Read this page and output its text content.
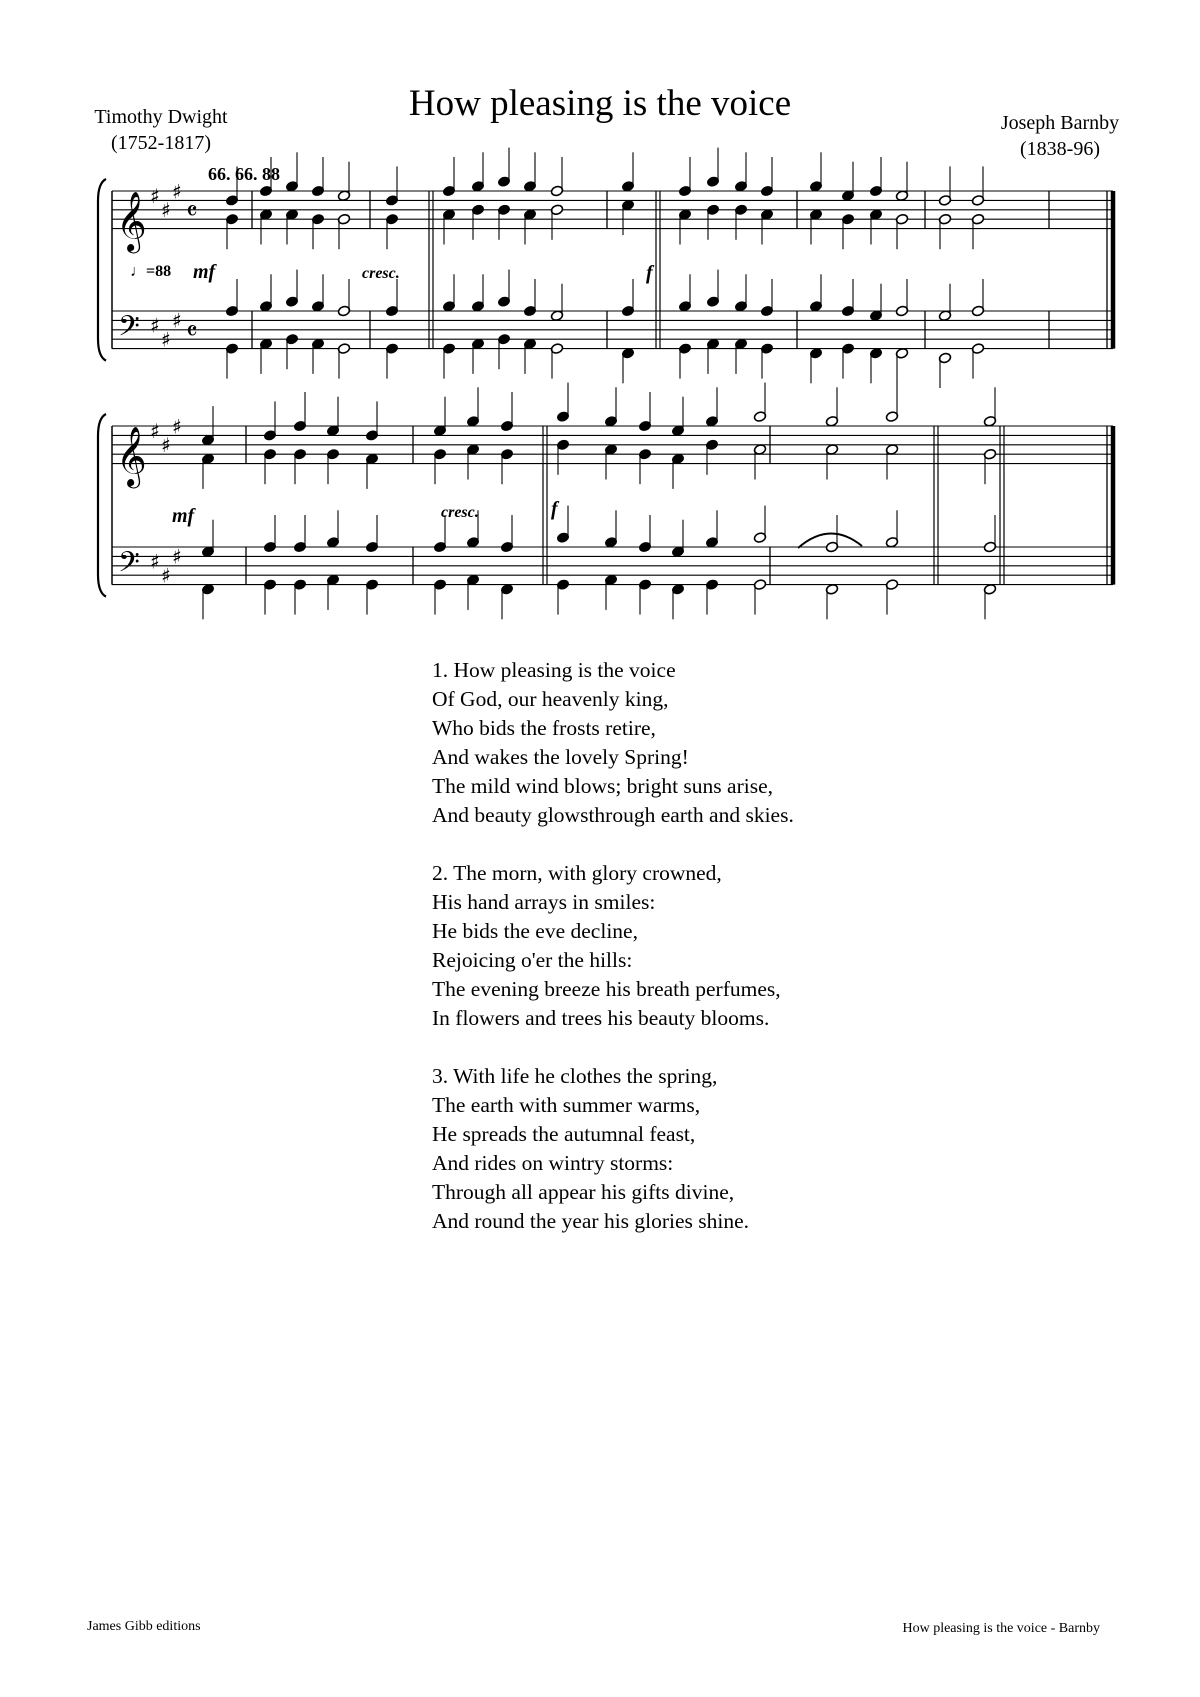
How pleasing is the voice
Timothy Dwight
(1752-1817)
Joseph Barnby
(1838-96)
66. 66. 88
♩=88 mf	cresc.	f
mf	cresc.	f
𝄞
𝄢
♯
♯
♯
♯
♯
♯
𝄴
𝄴
𝄞
𝄢
♯
♯
♯
♯
♯
♯
1. How pleasing is the voice
Of God, our heavenly king,
Who bids the frosts retire,
And wakes the lovely Spring!
The mild wind blows; bright suns arise,
And beauty glowsthrough earth and skies.
2. The morn, with glory crowned,
His hand arrays in smiles:
He bids the eve decline,
Rejoicing o'er the hills:
The evening breeze his breath perfumes,
In flowers and trees his beauty blooms.
3. With life he clothes the spring,
The earth with summer warms,
He spreads the autumnal feast,
And rides on wintry storms:
Through all appear his gifts divine,
And round the year his glories shine.
James Gibb editions	How pleasing is the voice - Barnby
